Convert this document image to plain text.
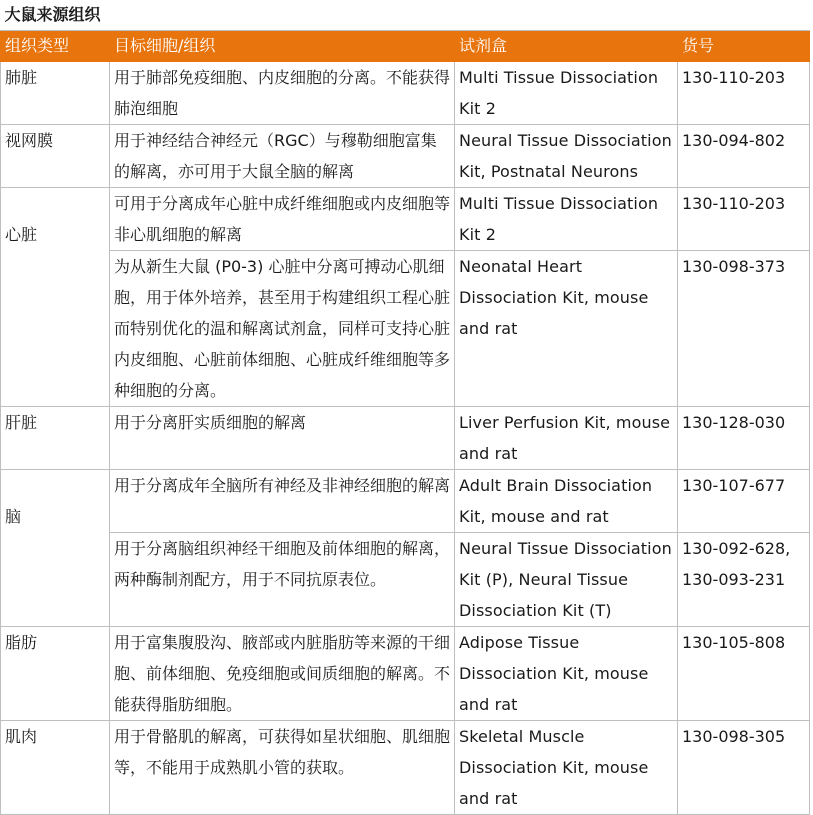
大鼠来源组织			
组织类型	目标细胞/组织	试剂盒	货号
肺脏	用于肺部免疫细胞、内皮细胞的分离。不能获得肺泡细胞	Multi Tissue Dissociation Kit 2	130-110-203
视网膜	用于神经结合神经元（RGC）与穆勒细胞富集的解离，亦可用于大鼠全脑的解离	Neural Tissue Dissociation Kit, Postnatal Neurons	130-094-802
心脏	可用于分离成年心脏中成纤维细胞或内皮细胞等非心肌细胞的解离	Multi Tissue Dissociation Kit 2	130-110-203
	为从新生大鼠 (P0-3) 心脏中分离可搏动心肌细胞，用于体外培养，甚至用于构建组织工程心脏而特别优化的温和解离试剂盒，同样可支持心脏内皮细胞、心脏前体细胞、心脏成纤维细胞等多种细胞的分离。	Neonatal Heart Dissociation Kit, mouse and rat	130-098-373
肝脏	用于分离肝实质细胞的解离	Liver Perfusion Kit, mouse and rat	130-128-030
脑	用于分离成年全脑所有神经及非神经细胞的解离	Adult Brain Dissociation Kit, mouse and rat	130-107-677
	用于分离脑组织神经干细胞及前体细胞的解离，两种酶制剂配方，用于不同抗原表位。	Neural Tissue Dissociation Kit (P), Neural Tissue Dissociation Kit (T)	130-092-628, 130-093-231
脂肪	用于富集腹股沟、腋部或内脏脂肪等来源的干细胞、前体细胞、免疫细胞或间质细胞的解离。不能获得脂肪细胞。	Adipose Tissue Dissociation Kit, mouse and rat	130-105-808
肌肉	用于骨骼肌的解离，可获得如星状细胞、肌细胞等，不能用于成熟肌小管的获取。	Skeletal Muscle Dissociation Kit, mouse and rat	130-098-305
